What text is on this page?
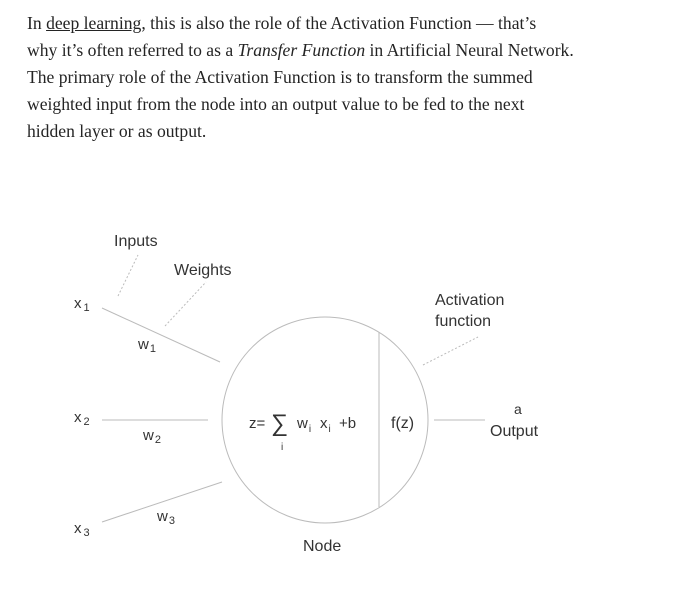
In deep learning, this is also the role of the Activation Function — that’s
why it’s often referred to as a Transfer Function in Artificial Neural Network.
The primary role of the Activation Function is to transform the summed
weighted input from the node into an output value to be fed to the next
hidden layer or as output.

Inputs
Weights
Activation
function
Node
a
Output
x $_1$
x $_2$
x $_3$
$w_1$
$w_2$
$w_3$
z= ∑
i
$w_i$ $x_i +b$ f(z)
